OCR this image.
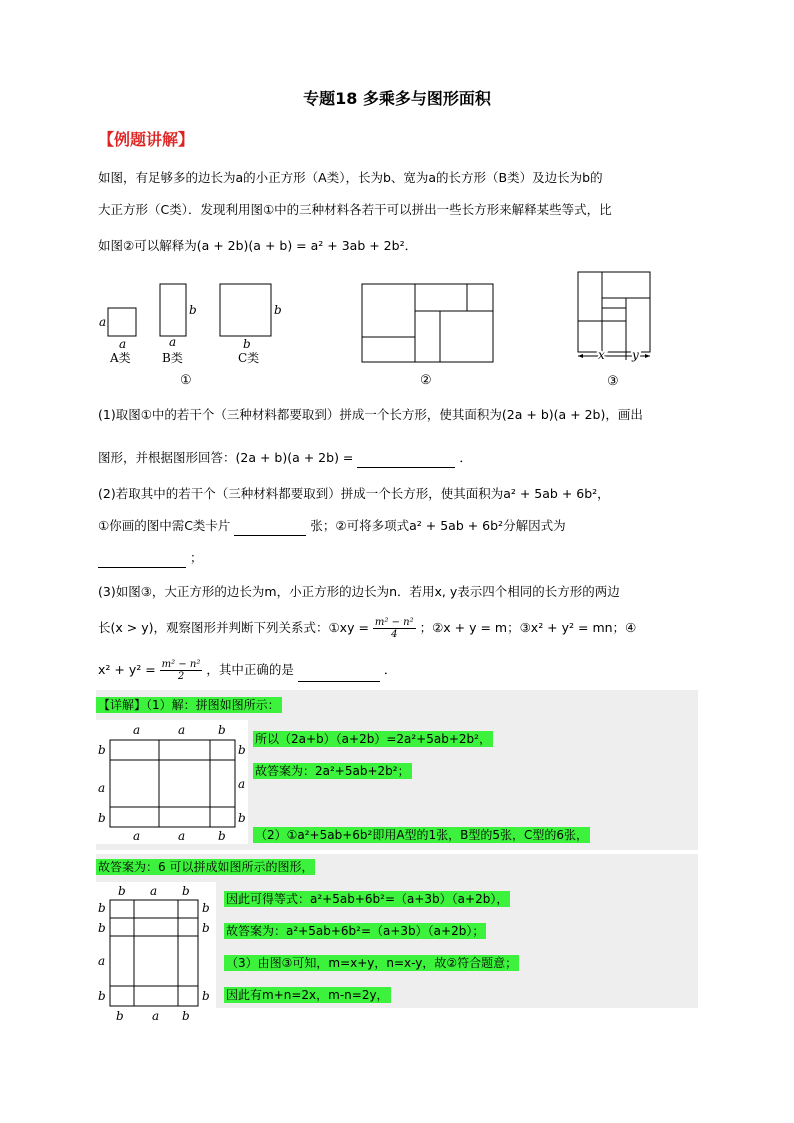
专题18 多乘多与图形面积
【例题讲解】
如图，有足够多的边长为a的小正方形（A类），长为b、宽为a的长方形（B类）及边长为b的
大正方形（C类）．发现利用图①中的三种材料各若干可以拼出一些长方形来解释某些等式，比
如图②可以解释为(a + 2b)(a + b) = a² + 3ab + 2b²．
a
a
b
a
b
b
A类	B类	C类
①	②
x y
③
(1)取图①中的若干个（三种材料都要取到）拼成一个长方形，使其面积为(2a + b)(a + 2b)，画出
图形，并根据图形回答：(2a + b)(a + 2b) =	．
(2)若取其中的若干个（三种材料都要取到）拼成一个长方形，使其面积为a² + 5ab + 6b²，
①你画的图中需C类卡片	张；②可将多项式a² + 5ab + 6b²分解因式为
；
(3)如图③，大正方形的边长为m，小正方形的边长为n．若用x, y表示四个相同的长方形的两边
长(x > y)，观察图形并判断下列关系式：①xy = $\frac{\text{m² − n²}}{4}$ ；②x + y = m；③x² + y² = mn；④
$x^2 + y^2 = \frac{\text{m² − n²}}{2}$ ，其中正确的是	．
【详解】（1）解：拼图如图所示：
a	a	b
b
a
b
b
a
b
a	a	b
所以（2a+b）（a+2b）=2a²+5ab+2b²，
故答案为：2a²+5ab+2b²；
（2）①a²+5ab+6b²即用A型的1张，B型的5张，C型的6张，
故答案为：6 可以拼成如图所示的图形，
b a b
b
b
a
b
b
b
b
b a b
因此可得等式：a²+5ab+6b²=（a+3b）（a+2b），
故答案为：a²+5ab+6b²=（a+3b）（a+2b）；
（3）由图③可知，m=x+y，n=x-y，故②符合题意；
因此有m+n=2x，m-n=2y，
